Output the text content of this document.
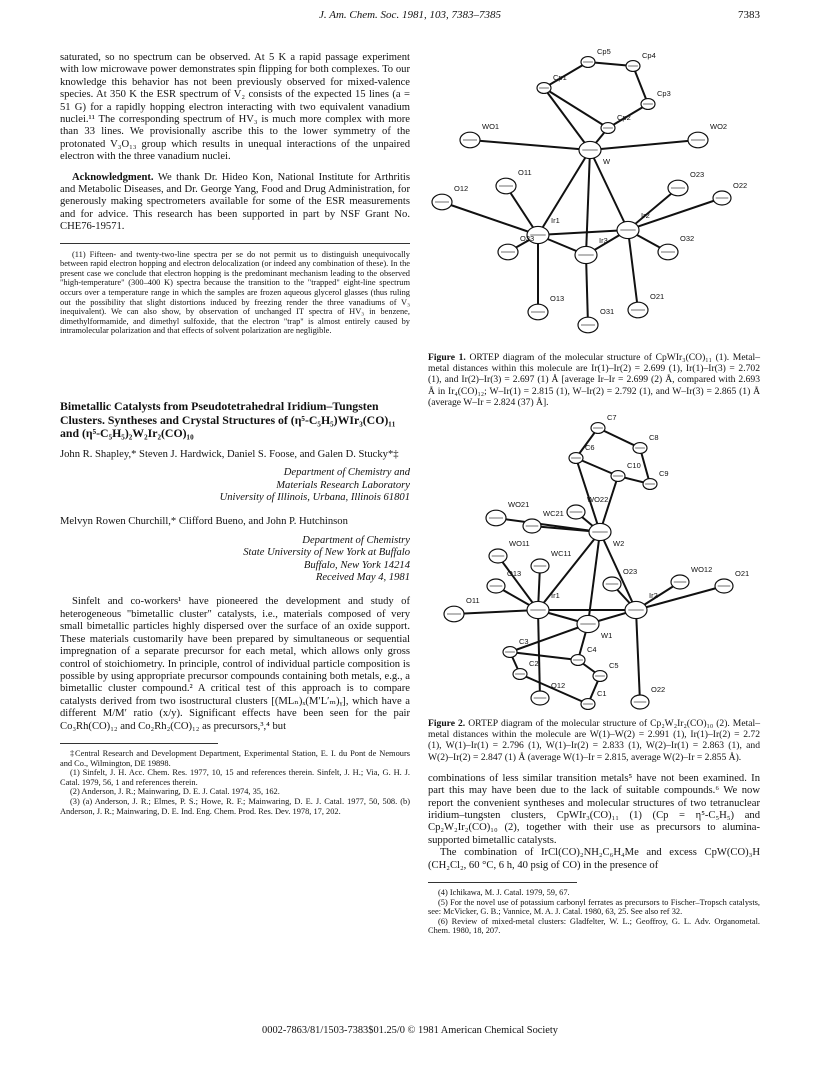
J. Am. Chem. Soc. 1981, 103, 7383–7385	7383

saturated, so no spectrum can be observed. At 5 K a rapid passage experiment with low microwave power demonstrates spin flipping for both complexes. To our knowledge this behavior has not been previously observed for mixed-valence species. At 350 K the ESR spectrum of V₂ consists of the expected 15 lines (a = 51 G) for a rapidly hopping electron interacting with two equivalent vanadium nuclei.¹¹ The corresponding spectrum of HV₃ is much more complex with more than 33 lines. We provisionally ascribe this to the lower symmetry of the protonated V₃O₁₃ group which results in unequal interactions of the unpaired electron with the three vanadium nuclei.

Acknowledgment. We thank Dr. Hideo Kon, National Institute for Arthritis and Metabolic Diseases, and Dr. George Yang, Food and Drug Administration, for generously making spectrometers available for some of the ESR measurements and for advice. This research has been supported in part by NSF Grant No. CHE76-19571.

(11) Fifteen- and twenty-two-line spectra per se do not permit us to distinguish unequivocally between rapid electron hopping and electron delocalization (or indeed any combination of these). In the present case we conclude that electron hopping is the predominant mechanism leading to the observed "high-temperature" (300–400 K) spectra because the transition to the "trapped" eight-line spectrum occurs over a temperature range in which the samples are frozen aqueous glycerol glasses (thus ruling out the possibility that slight distortions induced by freezing render the three vanadiums of V₃ inequivalent). We can also show, by observation of unchanged IT spectra of HV₃ in benzene, dimethylformamide, and dimethyl sulfoxide, that the electron "trap" is almost entirely caused by intramolecular polarization and that effects of solvent polarization are negligible.

Bimetallic Catalysts from Pseudotetrahedral Iridium–Tungsten Clusters. Syntheses and Crystal Structures of (η⁵-C₅H₅)WIr₃(CO)₁₁ and (η⁵-C₅H₅)₂W₂Ir₂(CO)₁₀
John R. Shapley,* Steven J. Hardwick, Daniel S. Foose, and Galen D. Stucky*‡
Department of Chemistry and
Materials Research Laboratory
University of Illinois, Urbana, Illinois 61801
Melvyn Rowen Churchill,* Clifford Bueno, and John P. Hutchinson
Department of Chemistry
State University of New York at Buffalo
Buffalo, New York 14214
Received May 4, 1981

Sinfelt and co-workers¹ have pioneered the development and study of heterogeneous "bimetallic cluster" catalysts, i.e., materials composed of very small bimetallic particles highly dispersed over the surface of an oxide support. These materials customarily have been prepared by simultaneous or sequential impregnation of a separate precursor for each metal, which allows only gross control of stoichiometry. In principle, control of individual particle composition is possible by using appropriate precursor compounds containing both metals, e.g., a bimetallic cluster compound.² A critical test of this approach is to compare catalysts derived from two isostructural clusters [(MLₙ)ₓ(M′L′ₘ)ᵧ], which have a different M/M′ ratio (x/y). Significant effects have been seen for the pair Co₃Rh(CO)₁₂ and Co₂Rh₂(CO)₁₂ as precursors,³,⁴ but

‡Central Research and Development Department, Experimental Station, E. I. du Pont de Nemours and Co., Wilmington, DE 19898.

(1) Sinfelt, J. H. Acc. Chem. Res. 1977, 10, 15 and references therein. Sinfelt, J. H.; Via, G. H. J. Catal. 1979, 56, 1 and references therein.

(2) Anderson, J. R.; Mainwaring, D. E. J. Catal. 1974, 35, 162.

(3) (a) Anderson, J. R.; Elmes, P. S.; Howe, R. F.; Mainwaring, D. E. J. Catal. 1977, 50, 508. (b) Anderson, J. R.; Mainwaring, D. E. Ind. Eng. Chem. Prod. Res. Dev. 1978, 17, 202.

Cp5	Cp4
Cp1
Cp3
Cp2
W
WO1	WO2
O11	O23
O12	O22
Ir1
Ir2
Ir3
O33	O32
O13	O21
O31

Figure 1. ORTEP diagram of the molecular structure of CpWIr₃(CO)₁₁ (1). Metal–metal distances within this molecule are Ir(1)–Ir(2) = 2.699 (1), Ir(1)–Ir(3) = 2.702 (1), and Ir(2)–Ir(3) = 2.697 (1) Å [average Ir–Ir = 2.699 (2) Å, compared with 2.693 Å in Ir₄(CO)₁₂; W–Ir(1) = 2.815 (1), W–Ir(2) = 2.792 (1), and W–Ir(3) = 2.865 (1) Å (average W–Ir = 2.824 (37) Å].

C7
C8
C6
C10
C9
WO22
WO21
WC21
W2
WO11
WC11
O13	O23	WO12	O21
O11
Ir1
W1
Ir2
C3
C4
C2	C5
O12
C1	O22

Figure 2. ORTEP diagram of the molecular structure of Cp₂W₂Ir₂(CO)₁₀ (2). Metal–metal distances within the molecule are W(1)–W(2) = 2.991 (1), Ir(1)–Ir(2) = 2.72 (1), W(1)–Ir(1) = 2.796 (1), W(1)–Ir(2) = 2.833 (1), W(2)–Ir(1) = 2.863 (1), and W(2)–Ir(2) = 2.847 (1) Å (average W(1)–Ir = 2.815, average W(2)–Ir = 2.855 Å).

combinations of less similar transition metals⁵ have not been examined. In part this may have been due to the lack of suitable compounds.⁶ We now report the convenient syntheses and molecular structures of two tetranuclear iridium–tungsten clusters, CpWIr₃(CO)₁₁ (1) (Cp = η⁵-C₅H₅) and Cp₂W₂Ir₂(CO)₁₀ (2), together with their use as precursors to alumina-supported bimetallic catalysts.

The combination of IrCl(CO)₂NH₂C₆H₄Me and excess CpW(CO)₃H (CH₂Cl₂, 60 °C, 6 h, 40 psig of CO) in the presence of

(4) Ichikawa, M. J. Catal. 1979, 59, 67.

(5) For the novel use of potassium carbonyl ferrates as precursors to Fischer–Tropsch catalysts, see: McVicker, G. B.; Vannice, M. A. J. Catal. 1980, 63, 25. See also ref 32.

(6) Review of mixed-metal clusters: Gladfelter, W. L.; Geoffroy, G. L. Adv. Organometal. Chem. 1980, 18, 207.

0002-7863/81/1503-7383$01.25/0 © 1981 American Chemical Society
